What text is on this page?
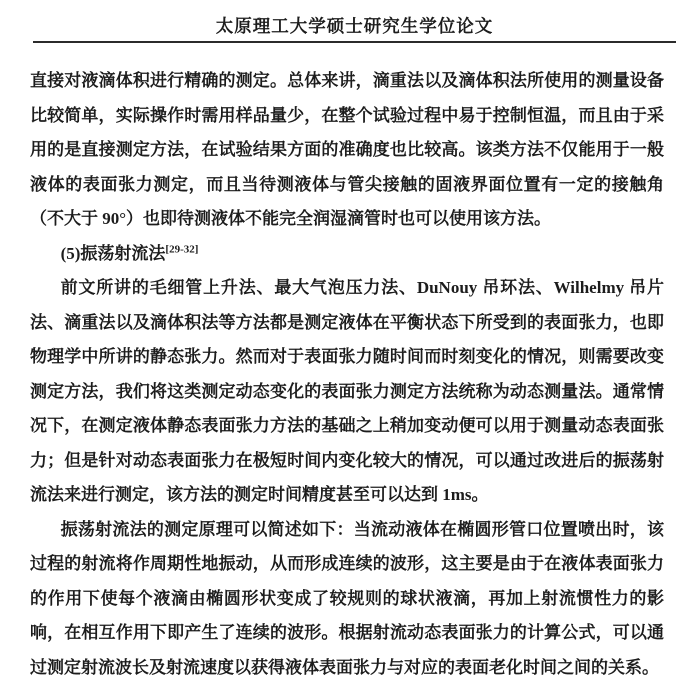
太原理工大学硕士研究生学位论文

直接对液滴体积进行精确的测定。总体来讲，滴重法以及滴体积法所使用的测量设备比较简单，实际操作时需用样品量少，在整个试验过程中易于控制恒温，而且由于采用的是直接测定方法，在试验结果方面的准确度也比较高。该类方法不仅能用于一般液体的表面张力测定，而且当待测液体与管尖接触的固液界面位置有一定的接触角（不大于 90°）也即待测液体不能完全润湿滴管时也可以使用该方法。

(5)振荡射流法[29-32]

前文所讲的毛细管上升法、最大气泡压力法、DuNouy 吊环法、Wilhelmy 吊片法、滴重法以及滴体积法等方法都是测定液体在平衡状态下所受到的表面张力，也即物理学中所讲的静态张力。然而对于表面张力随时间而时刻变化的情况，则需要改变测定方法，我们将这类测定动态变化的表面张力测定方法统称为动态测量法。通常情况下，在测定液体静态表面张力方法的基础之上稍加变动便可以用于测量动态表面张力；但是针对动态表面张力在极短时间内变化较大的情况，可以通过改进后的振荡射流法来进行测定，该方法的测定时间精度甚至可以达到 1ms。

振荡射流法的测定原理可以简述如下：当流动液体在椭圆形管口位置喷出时，该过程的射流将作周期性地振动，从而形成连续的波形，这主要是由于在液体表面张力的作用下使每个液滴由椭圆形状变成了较规则的球状液滴，再加上射流惯性力的影响，在相互作用下即产生了连续的波形。根据射流动态表面张力的计算公式，可以通过测定射流波长及射流速度以获得液体表面张力与对应的表面老化时间之间的关系。
